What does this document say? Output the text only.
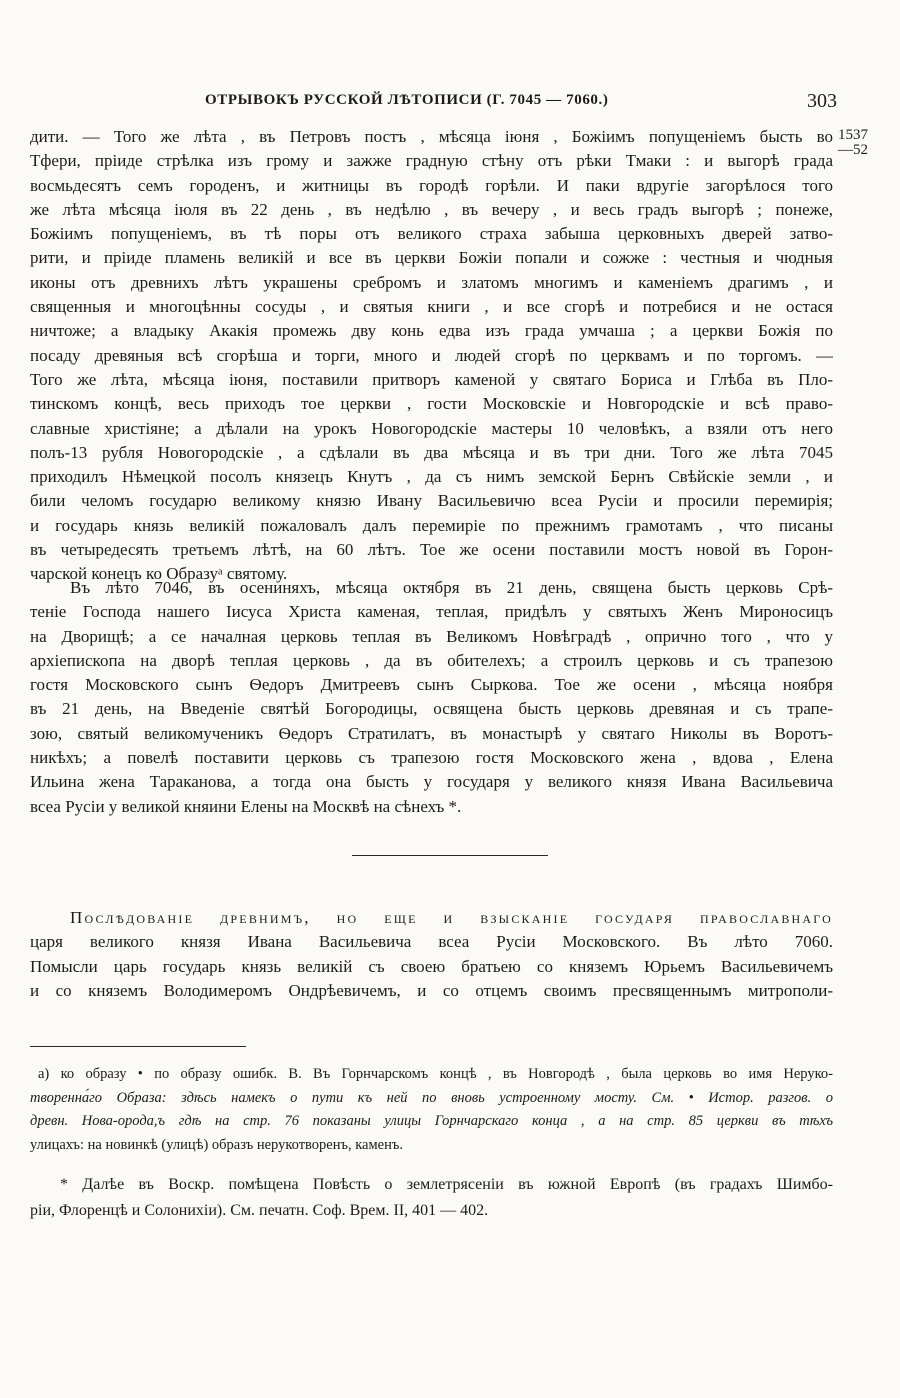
ОТРЫВОКЪ РУССКОЙ ЛѢТОПИСИ (Г. 7045 — 7060.)	303
1537
—52
дити. — Того же лѣта , въ Петровъ постъ , мѣсяца іюня , Божіимъ попущеніемъ бысть во
Тфери, пріиде стрѣлка изъ грому и зажже градную стѣну отъ рѣки Тмаки : и выгорѣ града
восмьдесятъ семъ городенъ, и житницы въ городѣ горѣли. И паки вдругіе загорѣлося того
же лѣта мѣсяца іюля въ 22 день , въ недѣлю , въ вечеру , и весь градъ выгорѣ ; понеже,
Божіимъ попущеніемъ, въ тѣ поры отъ великого страха забыша церковныхъ дверей затво-
рити, и пріиде пламень великій и все въ церкви Божіи попали и сожже : честныя и чюдныя
иконы отъ древнихъ лѣтъ украшены сребромъ и златомъ многимъ и каменіемъ драгимъ , и
священныя и многоцѣнны сосуды , и святыя книги , и все сгорѣ и потребися и не остася
ничтоже; а владыку Акакія промежь дву конь едва изъ града умчаша ; а церкви Божія по
посаду древяныя всѣ сгорѣша и торги, много и людей сгорѣ по церквамъ и по торгомъ. —
Того же лѣта, мѣсяца іюня, поставили притворъ каменой у святаго Бориса и Глѣба въ Пло-
тинскомъ концѣ, весь приходъ тое церкви , гости Московскіе и Новгородскіе и всѣ право-
славные христіяне; а дѣлали на урокъ Новогородскіе мастеры 10 человѣкъ, а взяли отъ него
полъ-13 рубля Новогородскіе , а сдѣлали въ два мѣсяца и въ три дни. Того же лѣта 7045
приходилъ Нѣмецкой посолъ князецъ Кнутъ , да съ нимъ земской Бернъ Свѣйскіе земли , и
били челомъ государю великому князю Ивану Васильевичю всеа Русіи и просили перемирія;
и государь князь великій пожаловалъ далъ перемиріе по прежнимъ грамотамъ , что писаны
въ четыредесять третьемъ лѣтѣ, на 60 лѣтъ. Тое же осени поставили мостъ новой въ Горон-
чарской конецъ ко Образуᵃ святому.
Въ лѣто 7046, въ осениняхъ, мѣсяца октября въ 21 день, священа бысть церковь Срѣ-
теніе Господа нашего Іисуса Христа каменая, теплая, придѣлъ у святыхъ Женъ Мироносицъ
на Дворищѣ; а се началная церковь теплая въ Великомъ Новѣградѣ , опрично того , что у
архіепископа на дворѣ теплая церковь , да въ обителехъ; а строилъ церковь и съ трапезою
гостя Московского сынъ Ѳедоръ Дмитреевъ сынъ Сыркова. Тое же осени , мѣсяца ноября
въ 21 день, на Введеніе святѣй Богородицы, освящена бысть церковь древяная и съ трапе-
зою, святый великомученикъ Ѳедоръ Стратилатъ, въ монастырѣ у святаго Николы въ Воротъ-
никѣхъ; а повелѣ поставити церковь съ трапезою гостя Московского жена , вдова , Елена
Ильина жена Тараканова, а тогда она бысть у государя у великого князя Ивана Васильевича
всеа Русіи у великой княини Елены на Москвѣ на сѣнехъ *.
Послѣдованіе древнимъ, но еще и взысканіе государя православнаго
царя великого князя Ивана Васильевича всеа Русіи Московского. Въ лѣто 7060.
Помысли царь государь князь великій съ своею братьею со княземъ Юрьемъ Васильевичемъ
и со княземъ Володимеромъ Ондрѣевичемъ, и со отцемъ своимъ пресвященнымъ митрополи-
а) ко образу • по образу ошибк. В. Въ Горнчарскомъ концѣ , въ Новгородѣ , была церковь во имя Неруко-
творенна́го Образа: здѣсь намекъ о пути къ ней по вновь устроенному мосту. См. • Истор. разгов. о
древн. Нова-орода,ъ гдѣ на стр. 76 показаны улицы Горнчарскаго конца , а на стр. 85 церкви въ тѣхъ
улицахъ: на новинкѣ (улицѣ) образъ нерукотворенъ, каменъ.
* Далѣе въ Воскр. помѣщена Повѣсть о землетрясеніи въ южной Европѣ (въ градахъ Шимбо-
ріи, Флоренцѣ и Солонихіи). См. печатн. Соф. Врем. II, 401 — 402.
